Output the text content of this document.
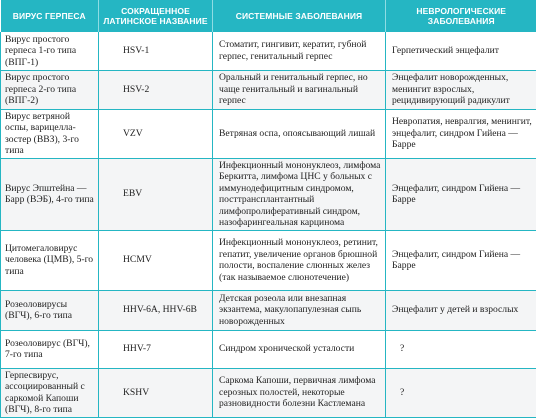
ВИРУС ГЕРПЕСА	СОКРАЩЕННОЕ ЛАТИНСКОЕ НАЗВАНИЕ	СИСТЕМНЫЕ ЗАБОЛЕВАНИЯ	НЕВРОЛОГИЧЕСКИЕ ЗАБОЛЕВАНИЯ
Вирус простого герпеса 1-го типа (ВПГ-1)	HSV-1	Стоматит, гингивит, кератит, губной герпес, генитальный герпес	Герпетический энцефалит
Вирус простого герпеса 2-го типа (ВПГ-2)	HSV-2	Оральный и генитальный герпес, но чаще генитальный и вагинальный герпес	Энцефалит новорожденных, менингит взрослых, рецидивирующий радикулит
Вирус ветряной оспы, варицелла-зостер (ВВЗ), 3-го типа	VZV	Ветряная оспа, опоясывающий лишай	Невропатия, невралгия, менингит, энцефалит, синдром Гийена — Барре
Вирус Эпштейна — Барр (ВЭБ), 4-го типа	EBV	Инфекционный мононуклеоз, лимфома Беркитта, лимфома ЦНС у больных с иммунодефицитным синдромом, посттрансплантантный лимфопролиферативный синдром, назофарингеальная карцинома	Энцефалит, синдром Гийена — Барре
Цитомегаловирус человека (ЦМВ), 5-го типа	HCMV	Инфекционный мононуклеоз, ретинит, гепатит, увеличение органов брюшной полости, воспаление слюнных желез (так называемое слюнотечение)	Энцефалит, синдром Гийена — Барре
Розеоловирусы (ВГЧ), 6-го типа	HHV-6A, HHV-6B	Детская розеола или внезапная экзантема, макулопапулезная сыпь новорожденных	Энцефалит у детей и взрослых
Розеоловирус (ВГЧ), 7-го типа	HHV-7	Синдром хронической усталости	?
Герпесвирус, ассоциированный с саркомой Капоши (ВГЧ), 8-го типа	KSHV	Саркома Капоши, первичная лимфома серозных полостей, некоторые разновидности болезни Кастлемана	?
